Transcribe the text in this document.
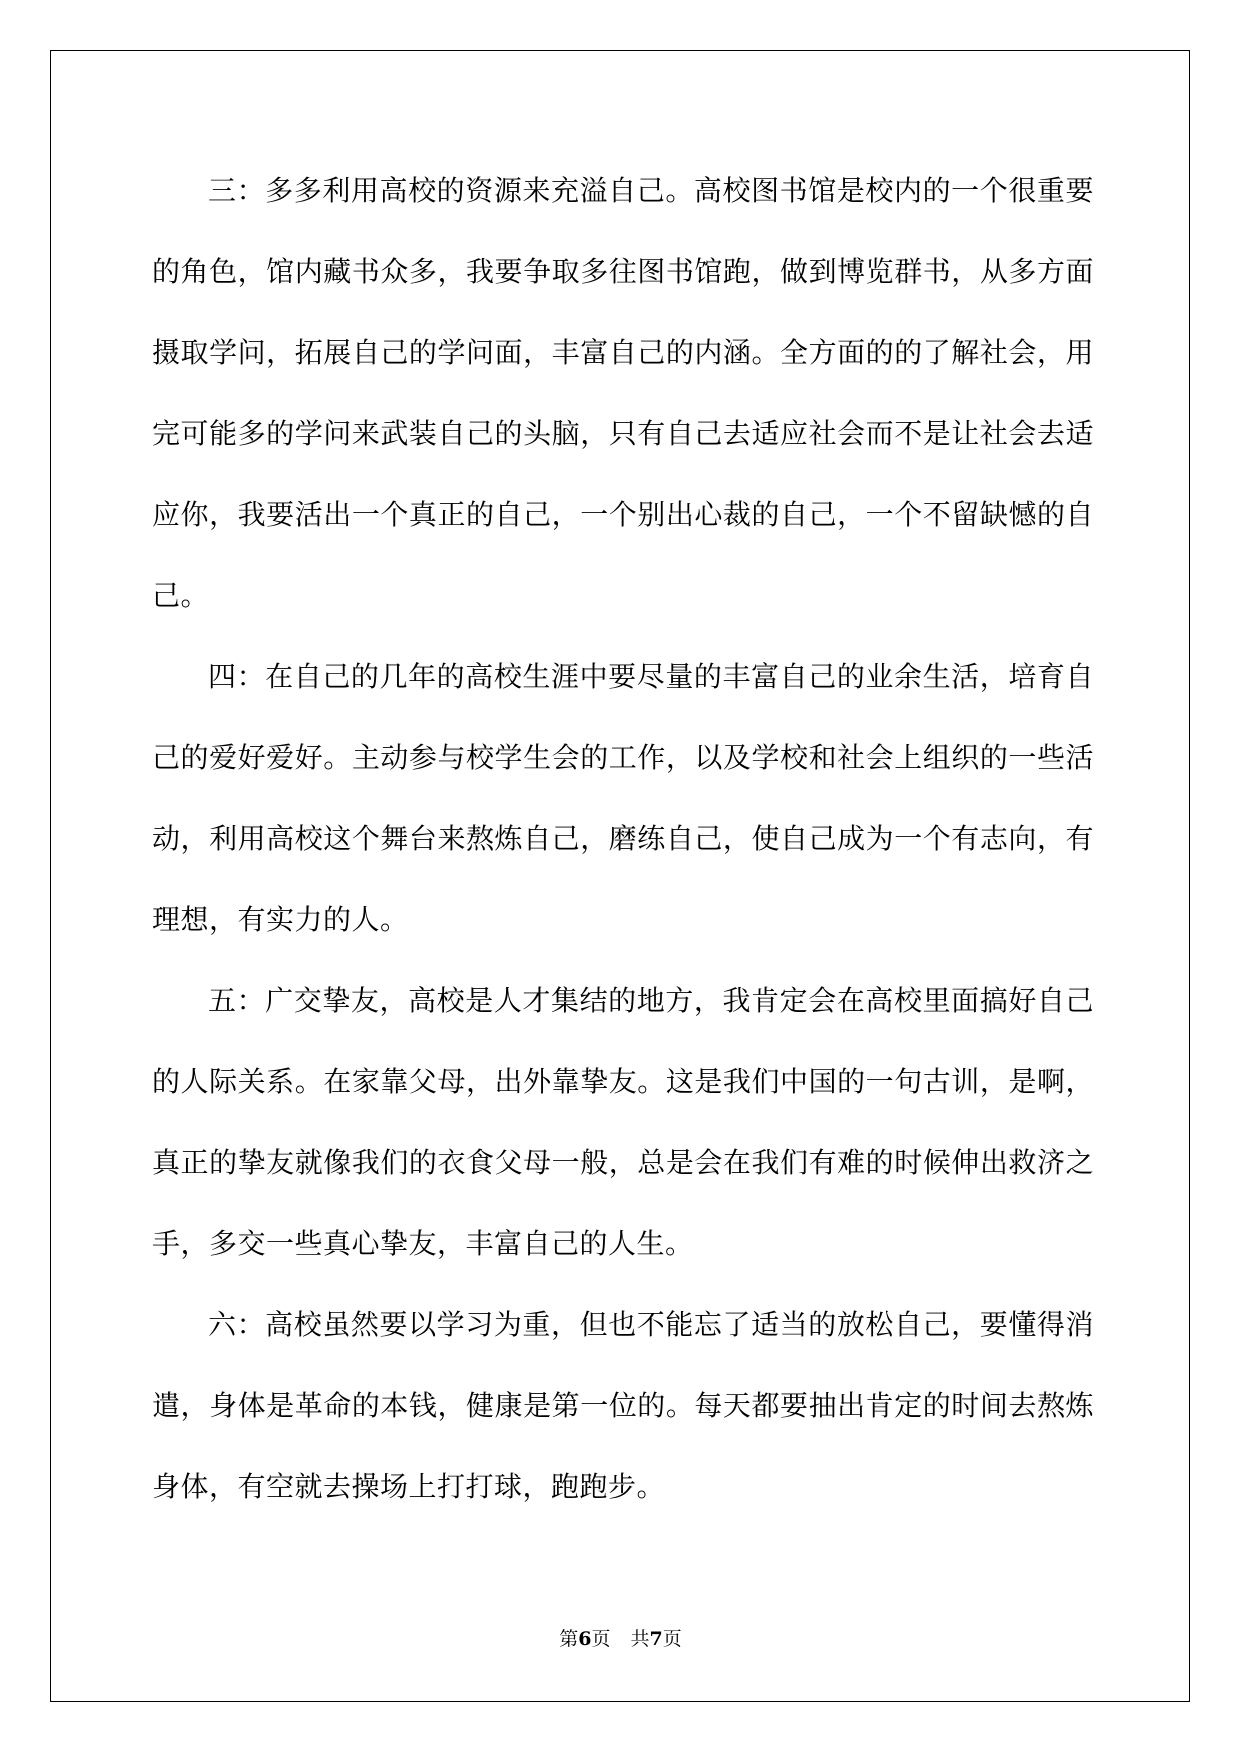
三：多多利用高校的资源来充溢自己。高校图书馆是校内的一个很重要的角色，馆内藏书众多，我要争取多往图书馆跑，做到博览群书，从多方面摄取学问，拓展自己的学问面，丰富自己的内涵。全方面的的了解社会，用完可能多的学问来武装自己的头脑，只有自己去适应社会而不是让社会去适应你，我要活出一个真正的自己，一个别出心裁的自己，一个不留缺憾的自己。

四：在自己的几年的高校生涯中要尽量的丰富自己的业余生活，培育自己的爱好爱好。主动参与校学生会的工作，以及学校和社会上组织的一些活动，利用高校这个舞台来熬炼自己，磨练自己，使自己成为一个有志向，有理想，有实力的人。

五：广交挚友，高校是人才集结的地方，我肯定会在高校里面搞好自己的人际关系。在家靠父母，出外靠挚友。这是我们中国的一句古训，是啊，真正的挚友就像我们的衣食父母一般，总是会在我们有难的时候伸出救济之手，多交一些真心挚友，丰富自己的人生。

六：高校虽然要以学习为重，但也不能忘了适当的放松自己，要懂得消遣，身体是革命的本钱，健康是第一位的。每天都要抽出肯定的时间去熬炼身体，有空就去操场上打打球，跑跑步。

第6页 共7页
